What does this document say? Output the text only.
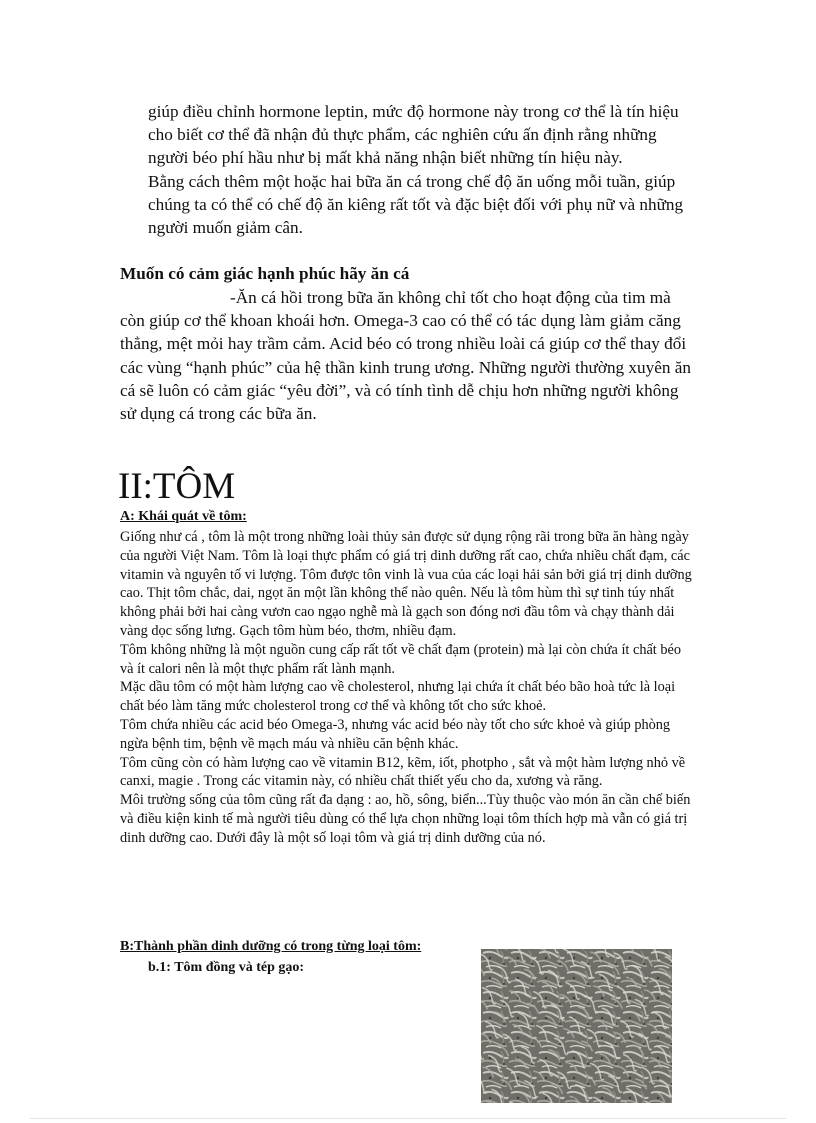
giúp điều chỉnh hormone leptin, mức độ hormone này trong cơ thể là tín hiệu cho biết cơ thể đã nhận đủ thực phẩm, các nghiên cứu ấn định rằng những người béo phí hầu như bị mất khả năng nhận biết những tín hiệu này.

Bằng cách thêm một hoặc hai bữa ăn cá trong chế độ ăn uống mỗi tuần, giúp chúng ta có thể có chế độ ăn kiêng rất tốt và đặc biệt đối với phụ nữ và những người muốn giảm cân.

Muốn có cảm giác hạnh phúc hãy ăn cá

-Ăn cá hồi trong bữa ăn không chỉ tốt cho hoạt động của tim mà còn giúp cơ thể khoan khoái hơn. Omega-3 cao có thể có tác dụng làm giảm căng thẳng, mệt mỏi hay trầm cảm. Acid béo có trong nhiều loài cá giúp cơ thể thay đổi các vùng “hạnh phúc” của hệ thần kinh trung ương. Những người thường xuyên ăn cá sẽ luôn có cảm giác “yêu đời”, và có tính tình dễ chịu hơn những người không sử dụng cá trong các bữa ăn.

II:TÔM
A: Khái quát về tôm:

Giống như cá , tôm là một trong những loài thủy sản được sử dụng rộng rãi trong bữa ăn hàng ngày của người Việt Nam. Tôm là loại thực phẩm có giá trị dinh dưỡng rất cao, chứa nhiều chất đạm, các vitamin và nguyên tố vi lượng. Tôm được tôn vinh là vua của các loại hải sản bởi giá trị dinh dưỡng cao. Thịt tôm chắc, dai, ngọt ăn một lần không thể nào quên. Nếu là tôm hùm thì sự tinh túy nhất không phải bởi hai càng vươn cao ngạo nghễ mà là gạch son đóng nơi đầu tôm và chạy thành dải vàng dọc sống lưng. Gạch tôm hùm béo, thơm, nhiều đạm.

Tôm không những là một nguồn cung cấp rất tốt về chất đạm (protein) mà lại còn chứa ít chất béo và ít calori nên là một thực phẩm rất lành mạnh.

Mặc dầu tôm có một hàm lượng cao về cholesterol, nhưng lại chứa ít chất béo bão hoà tức là loại chất béo làm tăng mức cholesterol trong cơ thể và không tốt cho sức khoẻ.

Tôm chứa nhiều các acid béo Omega-3, nhưng vác acid béo này tốt cho sức khoẻ và giúp phòng ngừa bệnh tim, bệnh về mạch máu và nhiều căn bệnh khác.

Tôm cũng còn có hàm lượng cao về vitamin B12, kẽm, iốt, photpho , sắt và một hàm lượng nhỏ về canxi, magie . Trong các vitamin này, có nhiều chất thiết yếu cho da, xương và răng.

Môi trường sống của tôm cũng rất đa dạng : ao, hồ, sông, biển...Tùy thuộc vào món ăn cần chế biến và điều kiện kinh tế mà người tiêu dùng có thể lựa chọn những loại tôm thích hợp mà vẫn có giá trị dinh dưỡng cao. Dưới đây là một số loại tôm và giá trị dinh dưỡng của nó.

B:Thành phần dinh dưỡng có trong từng loại tôm:
b.1: Tôm đồng và tép gạo:
